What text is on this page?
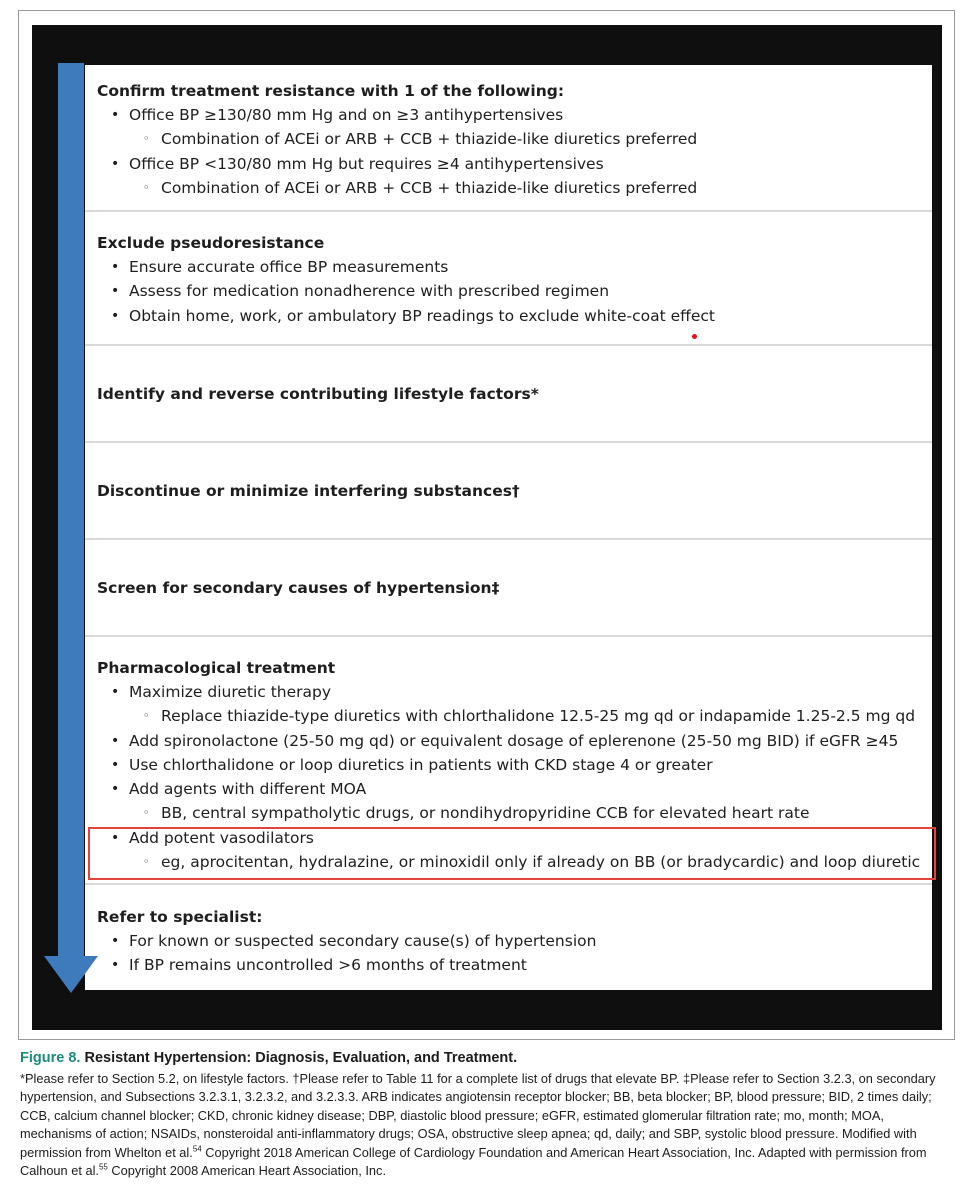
Confirm treatment resistance with 1 of the following:
• Office BP ≥130/80 mm Hg and on ≥3 antihypertensives
◦ Combination of ACEi or ARB + CCB + thiazide-like diuretics preferred
• Office BP <130/80 mm Hg but requires ≥4 antihypertensives
◦ Combination of ACEi or ARB + CCB + thiazide-like diuretics preferred
Exclude pseudoresistance
• Ensure accurate office BP measurements
• Assess for medication nonadherence with prescribed regimen
• Obtain home, work, or ambulatory BP readings to exclude white-coat effect
Identify and reverse contributing lifestyle factors*
Discontinue or minimize interfering substances†
Screen for secondary causes of hypertension‡
Pharmacological treatment
• Maximize diuretic therapy
◦ Replace thiazide-type diuretics with chlorthalidone 12.5-25 mg qd or indapamide 1.25-2.5 mg qd
• Add spironolactone (25-50 mg qd) or equivalent dosage of eplerenone (25-50 mg BID) if eGFR ≥45
• Use chlorthalidone or loop diuretics in patients with CKD stage 4 or greater
• Add agents with different MOA
◦ BB, central sympatholytic drugs, or nondihydropyridine CCB for elevated heart rate
• Add potent vasodilators
◦ eg, aprocitentan, hydralazine, or minoxidil only if already on BB (or bradycardic) and loop diuretic
Refer to specialist:
• For known or suspected secondary cause(s) of hypertension
• If BP remains uncontrolled >6 months of treatment
Figure 8. Resistant Hypertension: Diagnosis, Evaluation, and Treatment.
*Please refer to Section 5.2, on lifestyle factors. †Please refer to Table 11 for a complete list of drugs that elevate BP. ‡Please refer to Section 3.2.3, on secondary hypertension, and Subsections 3.2.3.1, 3.2.3.2, and 3.2.3.3. ARB indicates angiotensin receptor blocker; BB, beta blocker; BP, blood pressure; BID, 2 times daily; CCB, calcium channel blocker; CKD, chronic kidney disease; DBP, diastolic blood pressure; eGFR, estimated glomerular filtration rate; mo, month; MOA, mechanisms of action; NSAIDs, nonsteroidal anti-inflammatory drugs; OSA, obstructive sleep apnea; qd, daily; and SBP, systolic blood pressure. Modified with permission from Whelton et al.$^{54}$ Copyright 2018 American College of Cardiology Foundation and American Heart Association, Inc. Adapted with permission from Calhoun et al.$^{55}$ Copyright 2008 American Heart Association, Inc.
